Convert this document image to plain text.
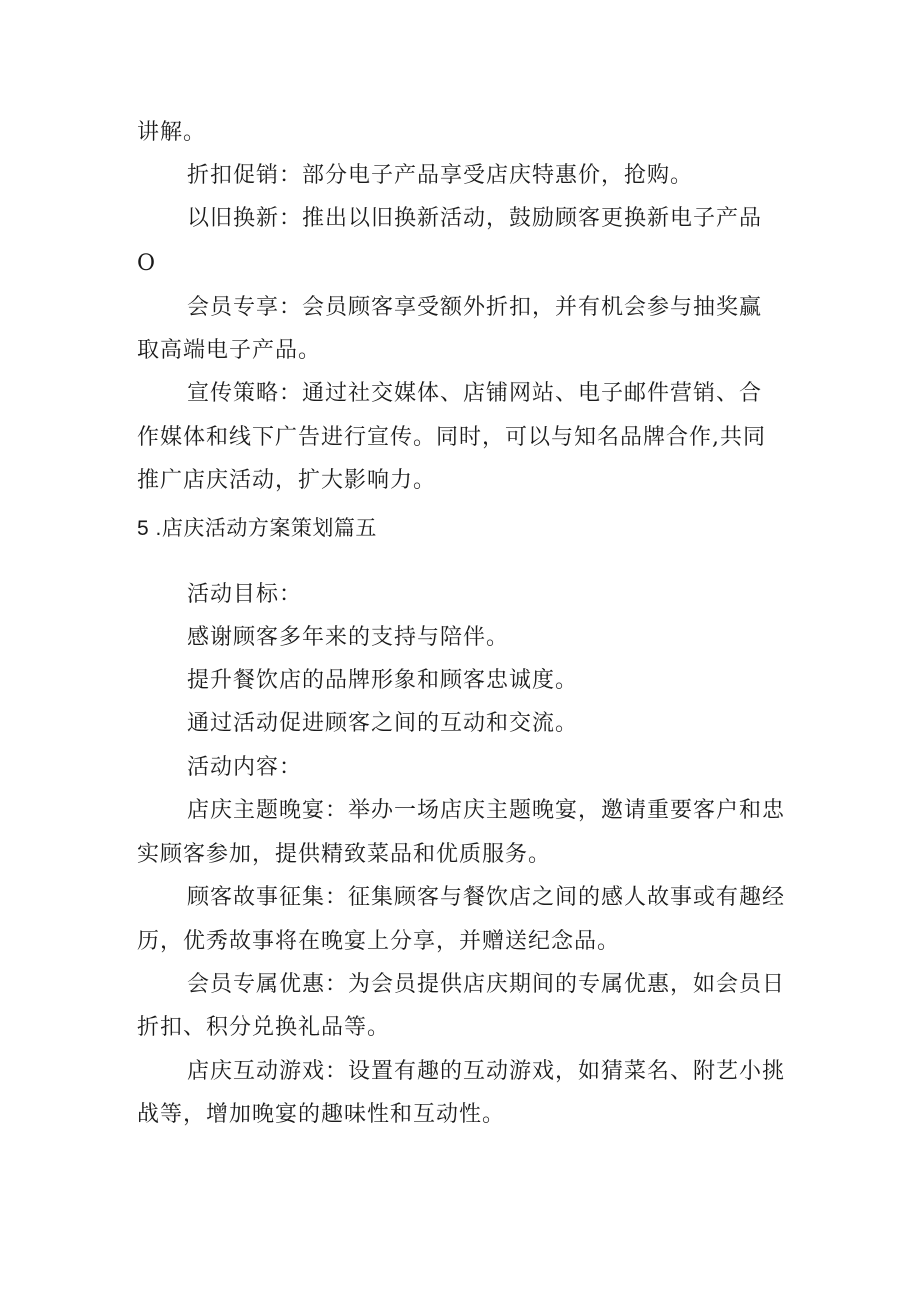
讲解。
折扣促销：部分电子产品享受店庆特惠价，抢购。
以旧换新：推出以旧换新活动，鼓励顾客更换新电子产品
O
会员专享：会员顾客享受额外折扣，并有机会参与抽奖赢
取高端电子产品。
宣传策略：通过社交媒体、店铺网站、电子邮件营销、合
作媒体和线下广告进行宣传。同时，可以与知名品牌合作,共同
推广店庆活动，扩大影响力。
5 .店庆活动方案策划篇五
活动目标：
感谢顾客多年来的支持与陪伴。
提升餐饮店的品牌形象和顾客忠诚度。
通过活动促进顾客之间的互动和交流。
活动内容：
店庆主题晚宴：举办一场店庆主题晚宴，邀请重要客户和忠
实顾客参加，提供精致菜品和优质服务。
顾客故事征集：征集顾客与餐饮店之间的感人故事或有趣经
历，优秀故事将在晚宴上分享，并赠送纪念品。
会员专属优惠：为会员提供店庆期间的专属优惠，如会员日
折扣、积分兑换礼品等。
店庆互动游戏：设置有趣的互动游戏，如猜菜名、附艺小挑
战等，增加晚宴的趣味性和互动性。
